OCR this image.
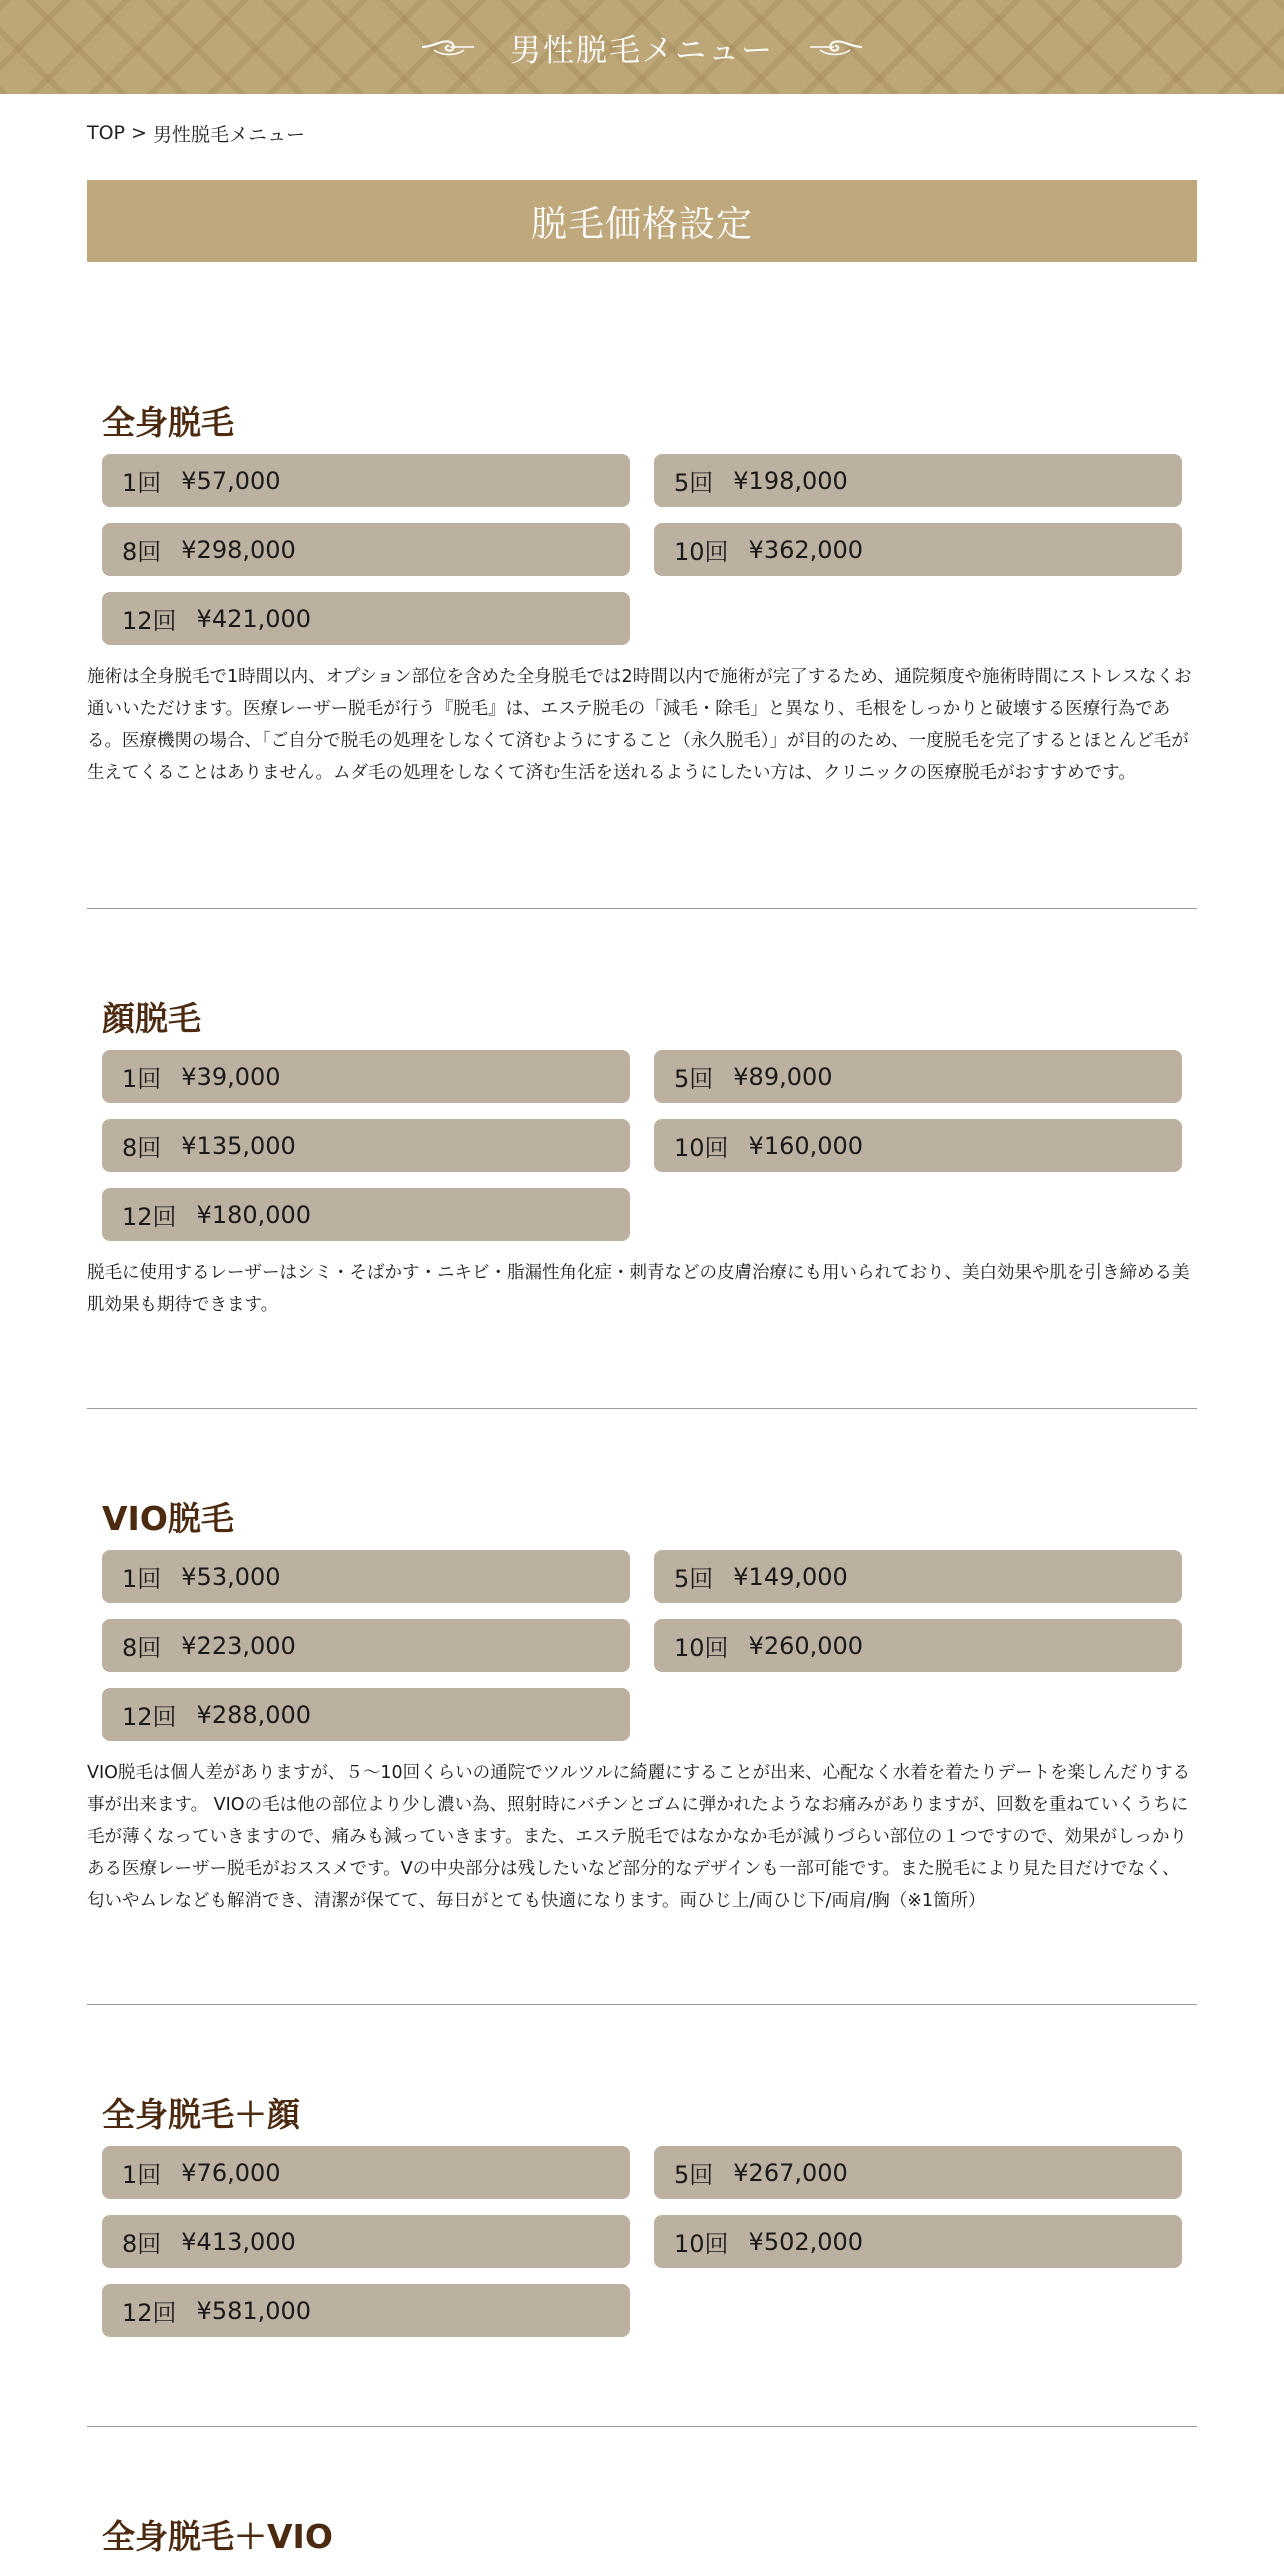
男性脱毛メニュー
TOP > 男性脱毛メニュー
脱毛価格設定
全身脱毛
1回 ¥57,000	5回 ¥198,000
8回 ¥298,000	10回 ¥362,000
12回 ¥421,000

施術は全身脱毛で1時間以内、オプション部位を含めた全身脱毛では2時間以内で施術が完了するため、通院頻度や施術時間にストレスなくお通いいただけます。医療レーザー脱毛が行う『脱毛』は、エステ脱毛の「減毛・除毛」と異なり、毛根をしっかりと破壊する医療行為である。医療機関の場合、「ご自分で脱毛の処理をしなくて済むようにすること（永久脱毛）」が目的のため、一度脱毛を完了するとほとんど毛が生えてくることはありません。ムダ毛の処理をしなくて済む生活を送れるようにしたい方は、クリニックの医療脱毛がおすすめです。

顔脱毛
1回 ¥39,000	5回 ¥89,000
8回 ¥135,000	10回 ¥160,000
12回 ¥180,000

脱毛に使用するレーザーはシミ・そばかす・ニキビ・脂漏性角化症・刺青などの皮膚治療にも用いられており、美白効果や肌を引き締める美肌効果も期待できます。

VIO脱毛
1回 ¥53,000	5回 ¥149,000
8回 ¥223,000	10回 ¥260,000
12回 ¥288,000

VIO脱毛は個人差がありますが、５〜10回くらいの通院でツルツルに綺麗にすることが出来、心配なく水着を着たりデートを楽しんだりする事が出来ます。 VIOの毛は他の部位より少し濃い為、照射時にバチンとゴムに弾かれたようなお痛みがありますが、回数を重ねていくうちに毛が薄くなっていきますので、痛みも減っていきます。また、エステ脱毛ではなかなか毛が減りづらい部位の１つですので、効果がしっかりある医療レーザー脱毛がおススメです。Vの中央部分は残したいなど部分的なデザインも一部可能です。また脱毛により見た目だけでなく、匂いやムレなども解消でき、清潔が保てて、毎日がとても快適になります。両ひじ上/両ひじ下/両肩/胸（※1箇所）

全身脱毛＋顔
1回 ¥76,000	5回 ¥267,000
8回 ¥413,000	10回 ¥502,000
12回 ¥581,000
全身脱毛＋VIO
